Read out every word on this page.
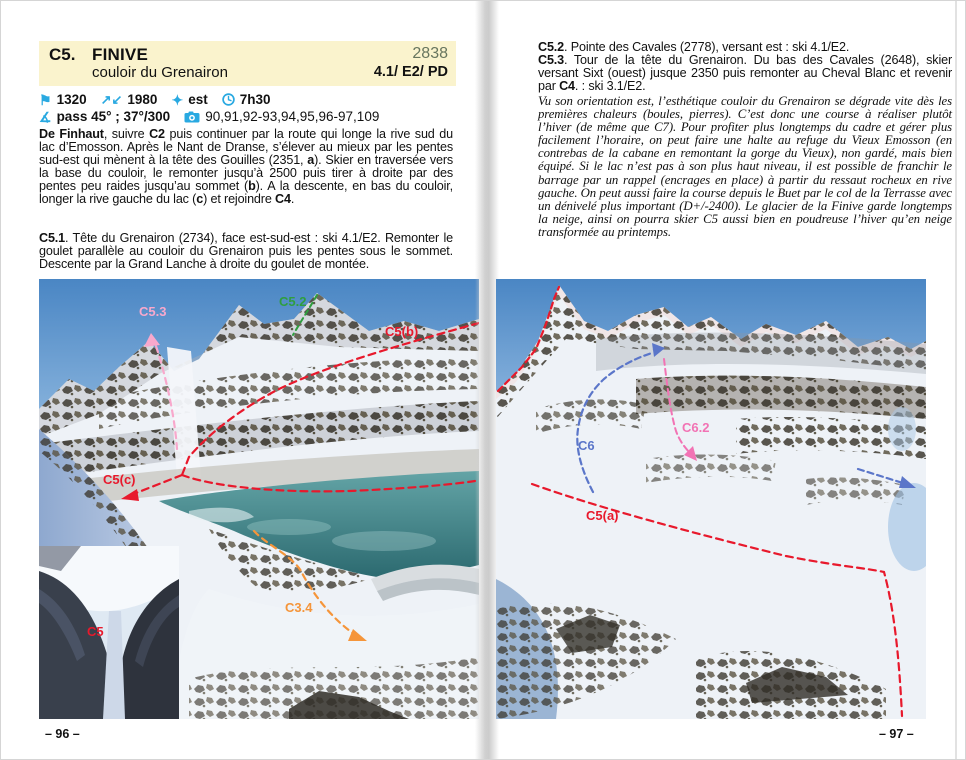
C5. FINIVE
couloir du Grenairon
2838
4.1/ E2/ PD
⚑ 1320 ↗↙ 1980 ✦ est 7h30
∡ pass 45° ; 37°/300	90,91,92-93,94,95,96-97,109
De Finhaut, suivre C2 puis continuer par la route qui longe la rive sud du lac d’Emosson. Après le Nant de Dranse, s’élever au mieux par les pentes sud-est qui mènent à la tête des Gouilles (2351, a). Skier en traversée vers la base du couloir, le remonter jusqu’à 2500 puis tirer à droite par des pentes peu raides jusqu’au sommet (b). A la descente, en bas du couloir, longer la rive gauche du lac (c) et rejoindre C4.
C5.1. Tête du Grenairon (2734), face est-sud-est : ski 4.1/E2. Remonter le goulet parallèle au couloir du Grenairon puis les pentes sous le sommet. Descente par la Grand Lanche à droite du goulet de montée.
C5.3
C5.2
C5(b)
C5(c)
C3.4
C5
– 96 –
C5.2. Pointe des Cavales (2778), versant est : ski 4.1/E2.
C5.3. Tour de la tête du Grenairon. Du bas des Cavales (2648), skier versant Sixt (ouest) jusque 2350 puis remonter au Cheval Blanc et revenir par C4. : ski 3.1/E2.
Vu son orientation est, l’esthétique couloir du Grenairon se dégrade vite dès les premières chaleurs (boules, pierres). C’est donc une course à réaliser plutôt l’hiver (de même que C7). Pour profiter plus longtemps du cadre et gérer plus facilement l’horaire, on peut faire une halte au refuge du Vieux Emosson (en contrebas de la cabane en remontant la gorge du Vieux), non gardé, mais bien équipé. Si le lac n’est pas à son plus haut niveau, il est possible de franchir le barrage par un rappel (encrages en place) à partir du ressaut rocheux en rive gauche. On peut aussi faire la course depuis le Buet par le col de la Terrasse avec un dénivelé plus important (D+/-2400). Le glacier de la Finive garde longtemps la neige, ainsi on pourra skier C5 aussi bien en poudreuse l’hiver qu’en neige transformée au printemps.
C6
C6.2
C5(a)
– 97 –
